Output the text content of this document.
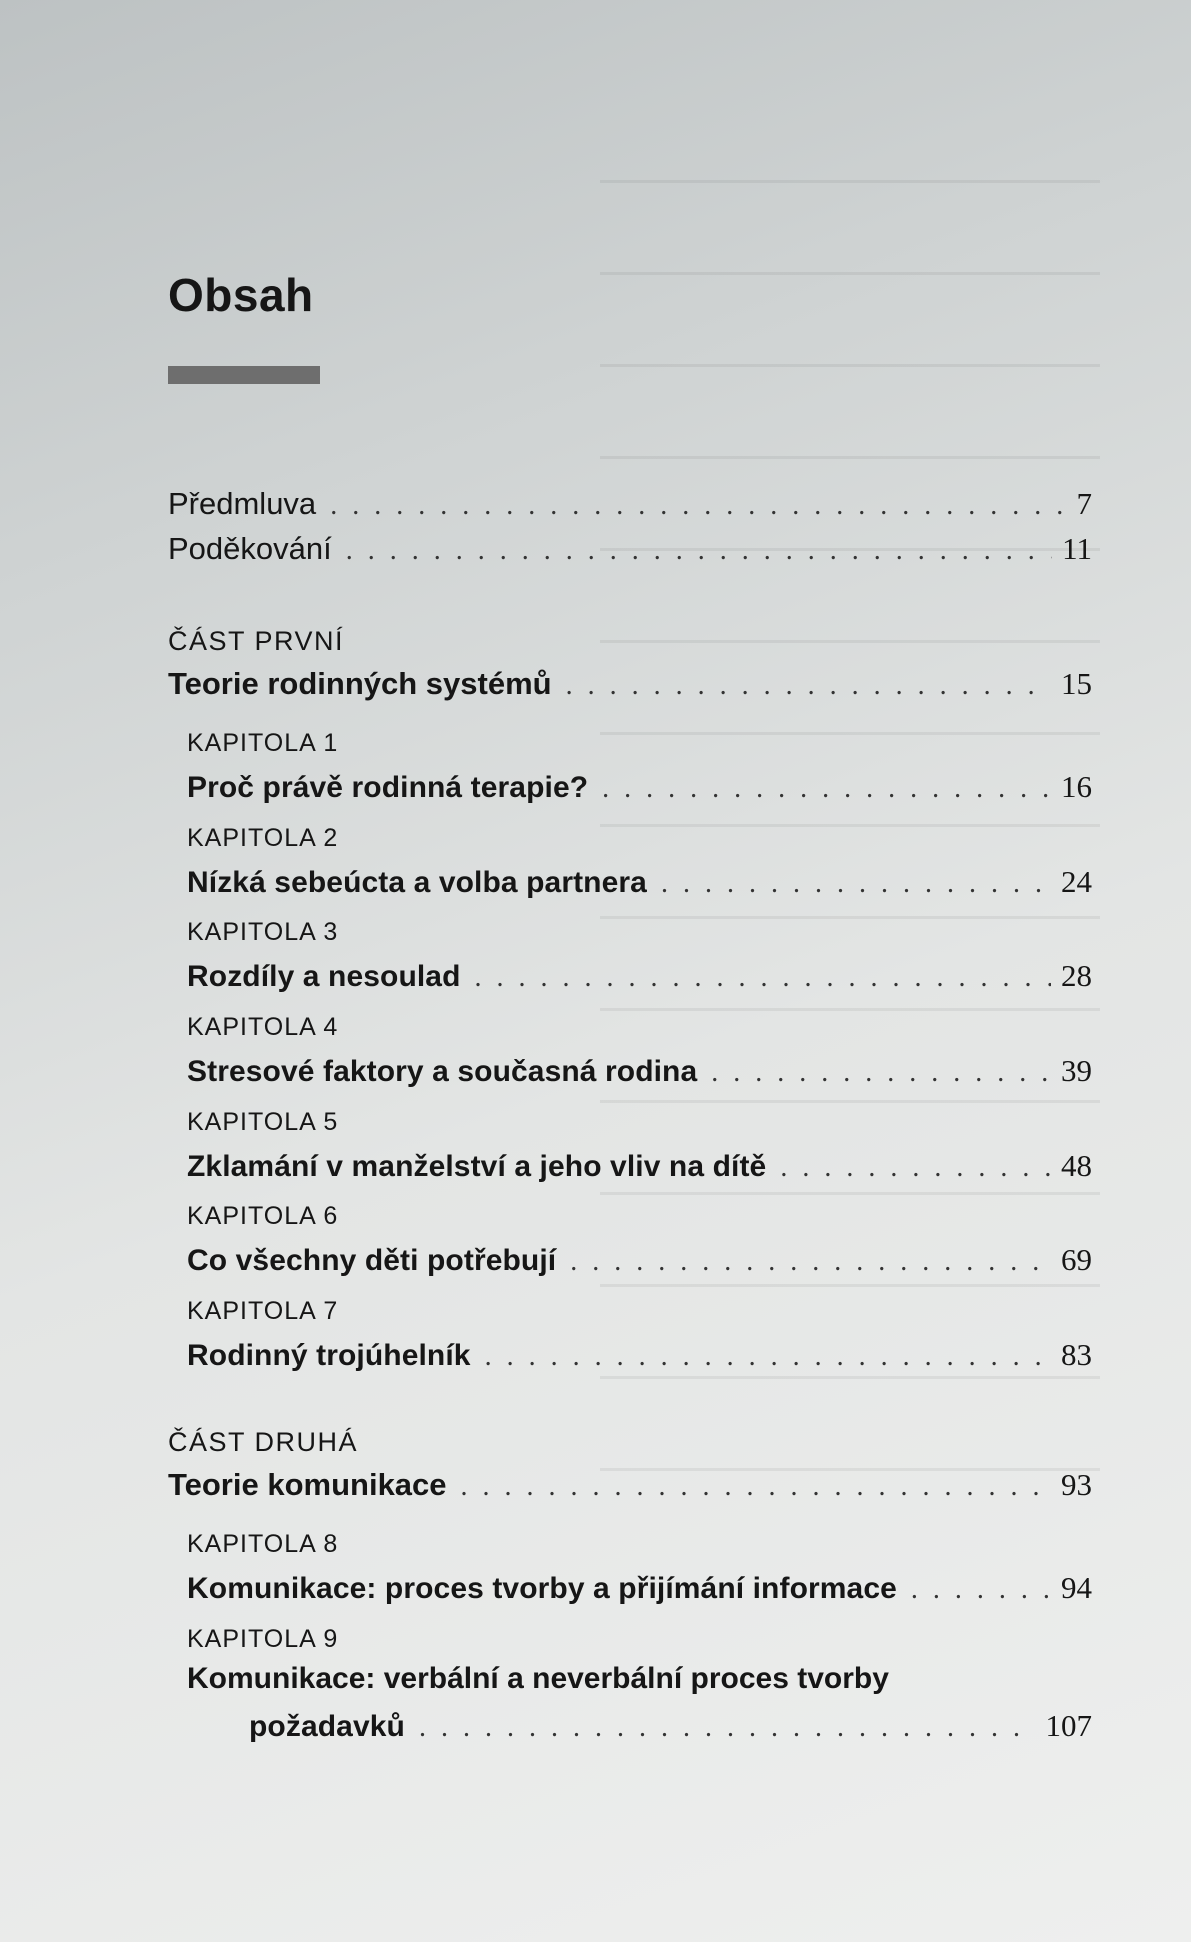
Obsah
Předmluva . . .	7
Poděkování . . .	11
ČÁST PRVNÍ
Teorie rodinných systémů . . .	15
KAPITOLA 1
Proč právě rodinná terapie? . . .	16
KAPITOLA 2
Nízká sebeúcta a volba partnera . . .	24
KAPITOLA 3
Rozdíly a nesoulad . . .	28
KAPITOLA 4
Stresové faktory a současná rodina . . .	39
KAPITOLA 5
Zklamání v manželství a jeho vliv na dítě . . .	48
KAPITOLA 6
Co všechny děti potřebují . . .	69
KAPITOLA 7
Rodinný trojúhelník . . .	83
ČÁST DRUHÁ
Teorie komunikace . . .	93
KAPITOLA 8
Komunikace: proces tvorby a přijímání informace . . .	94
KAPITOLA 9
Komunikace: verbální a neverbální proces tvorby
požadavků . . .	107
